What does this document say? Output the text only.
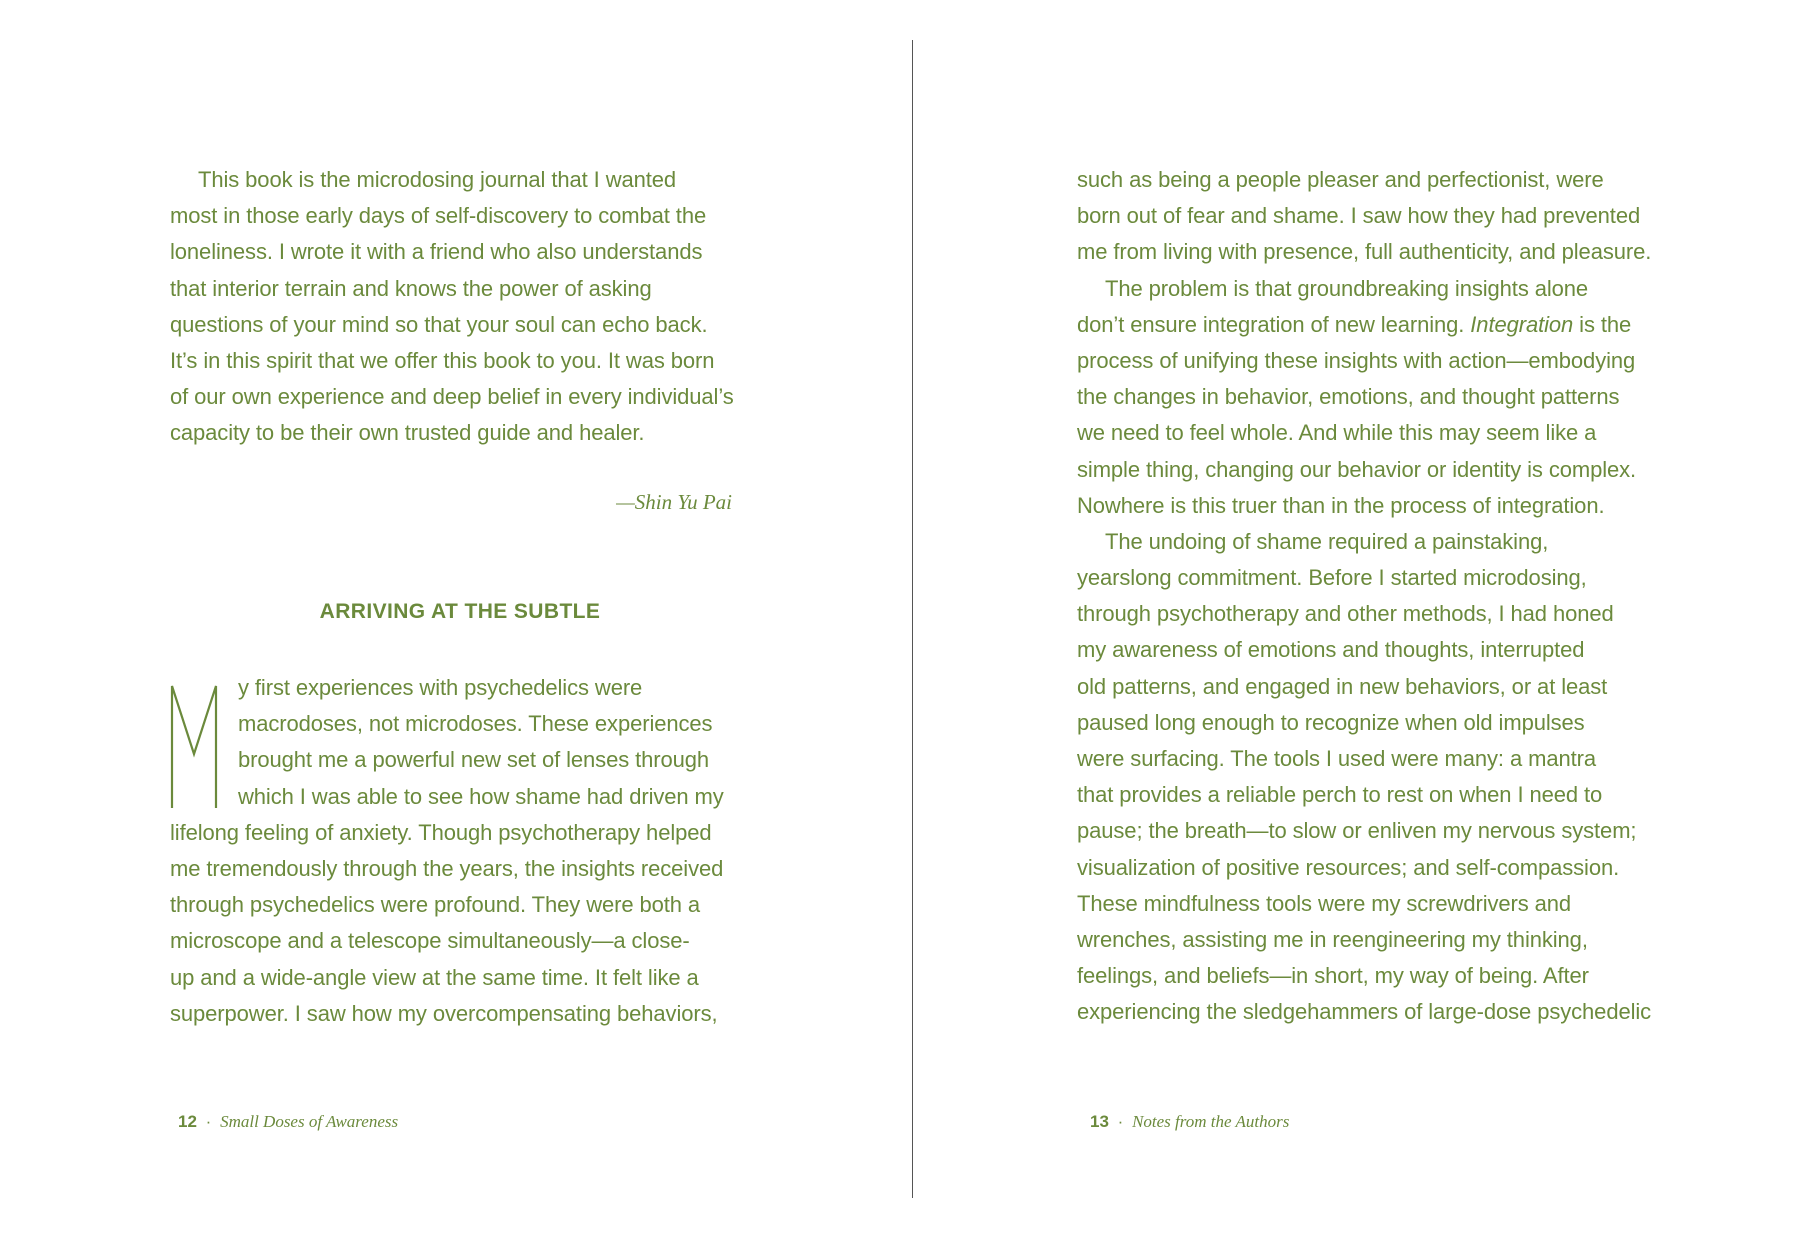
This book is the microdosing journal that I wanted
most in those early days of self-discovery to combat the
loneliness. I wrote it with a friend who also understands
that interior terrain and knows the power of asking
questions of your mind so that your soul can echo back.
It’s in this spirit that we offer this book to you. It was born
of our own experience and deep belief in every individual’s
capacity to be their own trusted guide and healer.
—Shin Yu Pai
ARRIVING AT THE SUBTLE
y first experiences with psychedelics were
macrodoses, not microdoses. These experiences
brought me a powerful new set of lenses through
which I was able to see how shame had driven my
lifelong feeling of anxiety. Though psychotherapy helped
me tremendously through the years, the insights received
through psychedelics were profound. They were both a
microscope and a telescope simultaneously—a close-
up and a wide-angle view at the same time. It felt like a
superpower. I saw how my overcompensating behaviors,
12 · Small Doses of Awareness
such as being a people pleaser and perfectionist, were
born out of fear and shame. I saw how they had prevented
me from living with presence, full authenticity, and pleasure.
The problem is that groundbreaking insights alone
don’t ensure integration of new learning. Integration is the
process of unifying these insights with action—embodying
the changes in behavior, emotions, and thought patterns
we need to feel whole. And while this may seem like a
simple thing, changing our behavior or identity is complex.
Nowhere is this truer than in the process of integration.
The undoing of shame required a painstaking,
yearslong commitment. Before I started microdosing,
through psychotherapy and other methods, I had honed
my awareness of emotions and thoughts, interrupted
old patterns, and engaged in new behaviors, or at least
paused long enough to recognize when old impulses
were surfacing. The tools I used were many: a mantra
that provides a reliable perch to rest on when I need to
pause; the breath—to slow or enliven my nervous system;
visualization of positive resources; and self-compassion.
These mindfulness tools were my screwdrivers and
wrenches, assisting me in reengineering my thinking,
feelings, and beliefs—in short, my way of being. After
experiencing the sledgehammers of large-dose psychedelic
13 · Notes from the Authors
